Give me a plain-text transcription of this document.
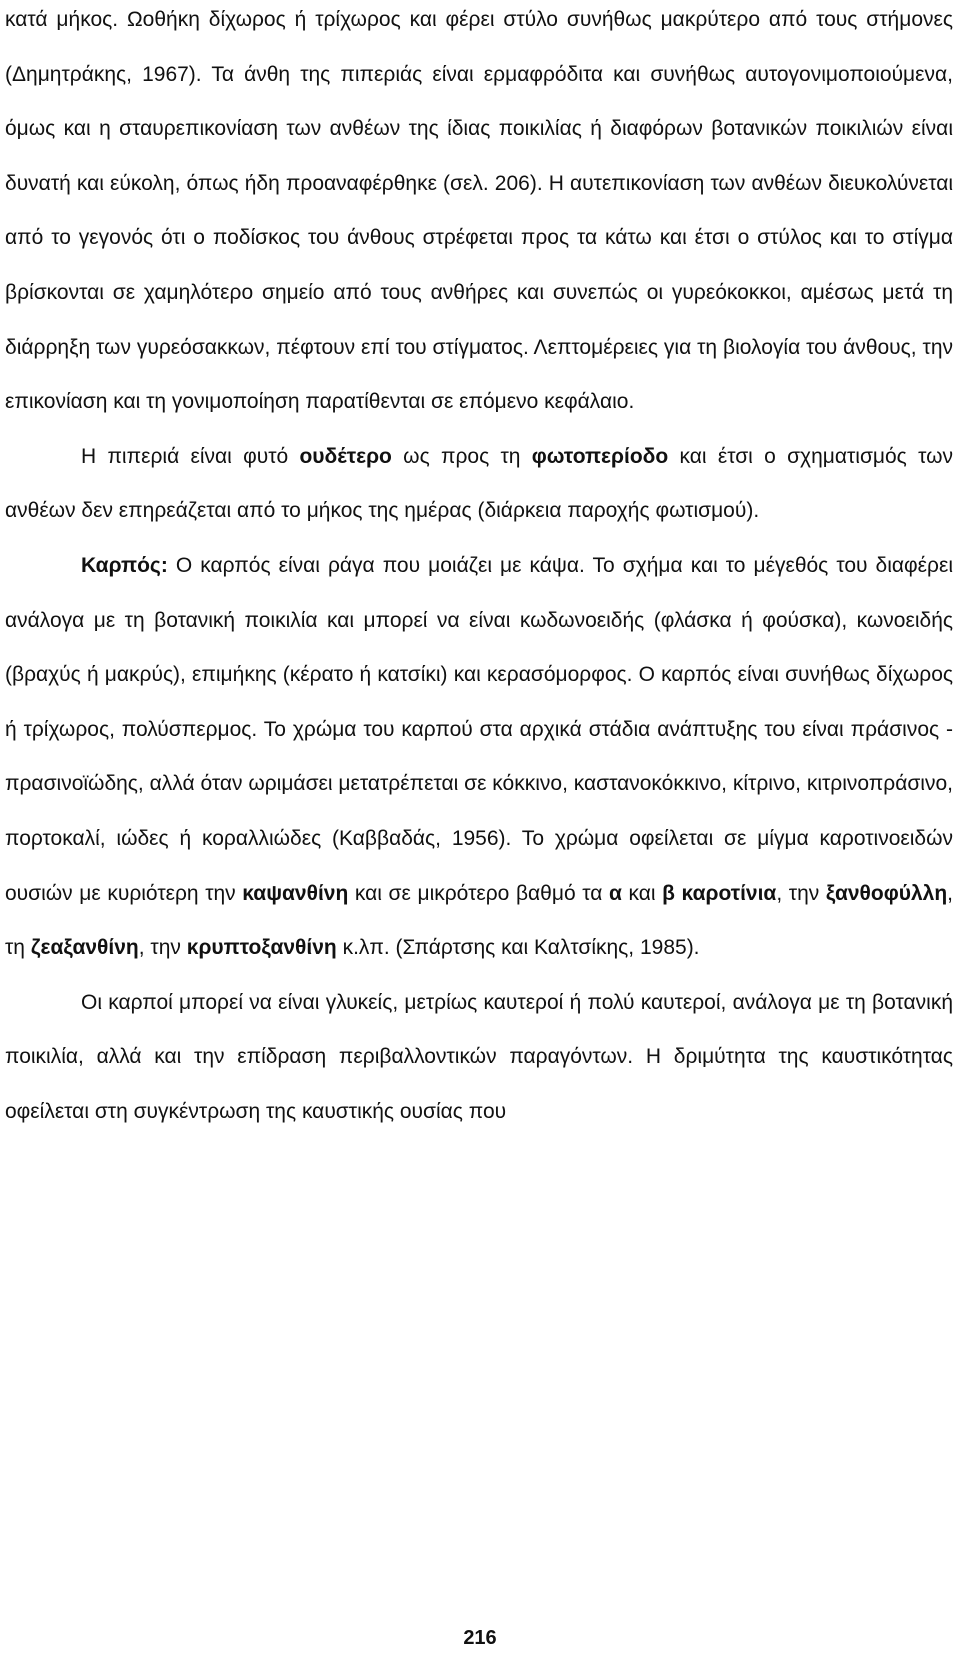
κατά μήκος. Ωοθήκη δίχωρος ή τρίχωρος και φέρει στύλο συνήθως μακρύτερο από τους στήμονες (Δημητράκης, 1967). Τα άνθη της πιπεριάς είναι ερμαφρόδιτα και συνήθως αυτογονιμοποιούμενα, όμως και η σταυρεπικονίαση των ανθέων της ίδιας ποικιλίας ή διαφόρων βοτανικών ποικιλιών είναι δυνατή και εύκολη, όπως ήδη προαναφέρθηκε (σελ. 206). Η αυτεπικονίαση των ανθέων διευκολύνεται από το γεγονός ότι ο ποδίσκος του άνθους στρέφεται προς τα κάτω και έτσι ο στύλος και το στίγμα βρίσκονται σε χαμηλότερο σημείο από τους ανθήρες και συνεπώς οι γυρεόκοκκοι, αμέσως μετά τη διάρρηξη των γυρεόσακκων, πέφτουν επί του στίγματος. Λεπτομέρειες για τη βιολογία του άνθους, την επικονίαση και τη γονιμοποίηση παρατίθενται σε επόμενο κεφάλαιο.

Η πιπεριά είναι φυτό ουδέτερο ως προς τη φωτοπερίοδο και έτσι ο σχηματισμός των ανθέων δεν επηρεάζεται από το μήκος της ημέρας (διάρκεια παροχής φωτισμού).

Καρπός: Ο καρπός είναι ράγα που μοιάζει με κάψα. Το σχήμα και το μέγεθός του διαφέρει ανάλογα με τη βοτανική ποικιλία και μπορεί να είναι κωδωνοειδής (φλάσκα ή φούσκα), κωνοειδής (βραχύς ή μακρύς), επιμήκης (κέρατο ή κατσίκι) και κερασόμορφος. Ο καρπός είναι συνήθως δίχωρος ή τρίχωρος, πολύσπερμος. Το χρώμα του καρπού στα αρχικά στάδια ανάπτυξης του είναι πράσινος - πρασινοϊώδης, αλλά όταν ωριμάσει μετατρέπεται σε κόκκινο, καστανοκόκκινο, κίτρινο, κιτρινοπράσινο, πορτοκαλί, ιώδες ή κοραλλιώδες (Καββαδάς, 1956). Το χρώμα οφείλεται σε μίγμα καροτινοειδών ουσιών με κυριότερη την καψανθίνη και σε μικρότερο βαθμό τα α και β καροτίνια, την ξανθοφύλλη, τη ζεαξανθίνη, την κρυπτοξανθίνη κ.λπ. (Σπάρτσης και Καλτσίκης, 1985).

Οι καρποί μπορεί να είναι γλυκείς, μετρίως καυτεροί ή πολύ καυτεροί, ανάλογα με τη βοτανική ποικιλία, αλλά και την επίδραση περιβαλλοντικών παραγόντων. Η δριμύτητα της καυστικότητας οφείλεται στη συγκέντρωση της καυστικής ουσίας που

216
